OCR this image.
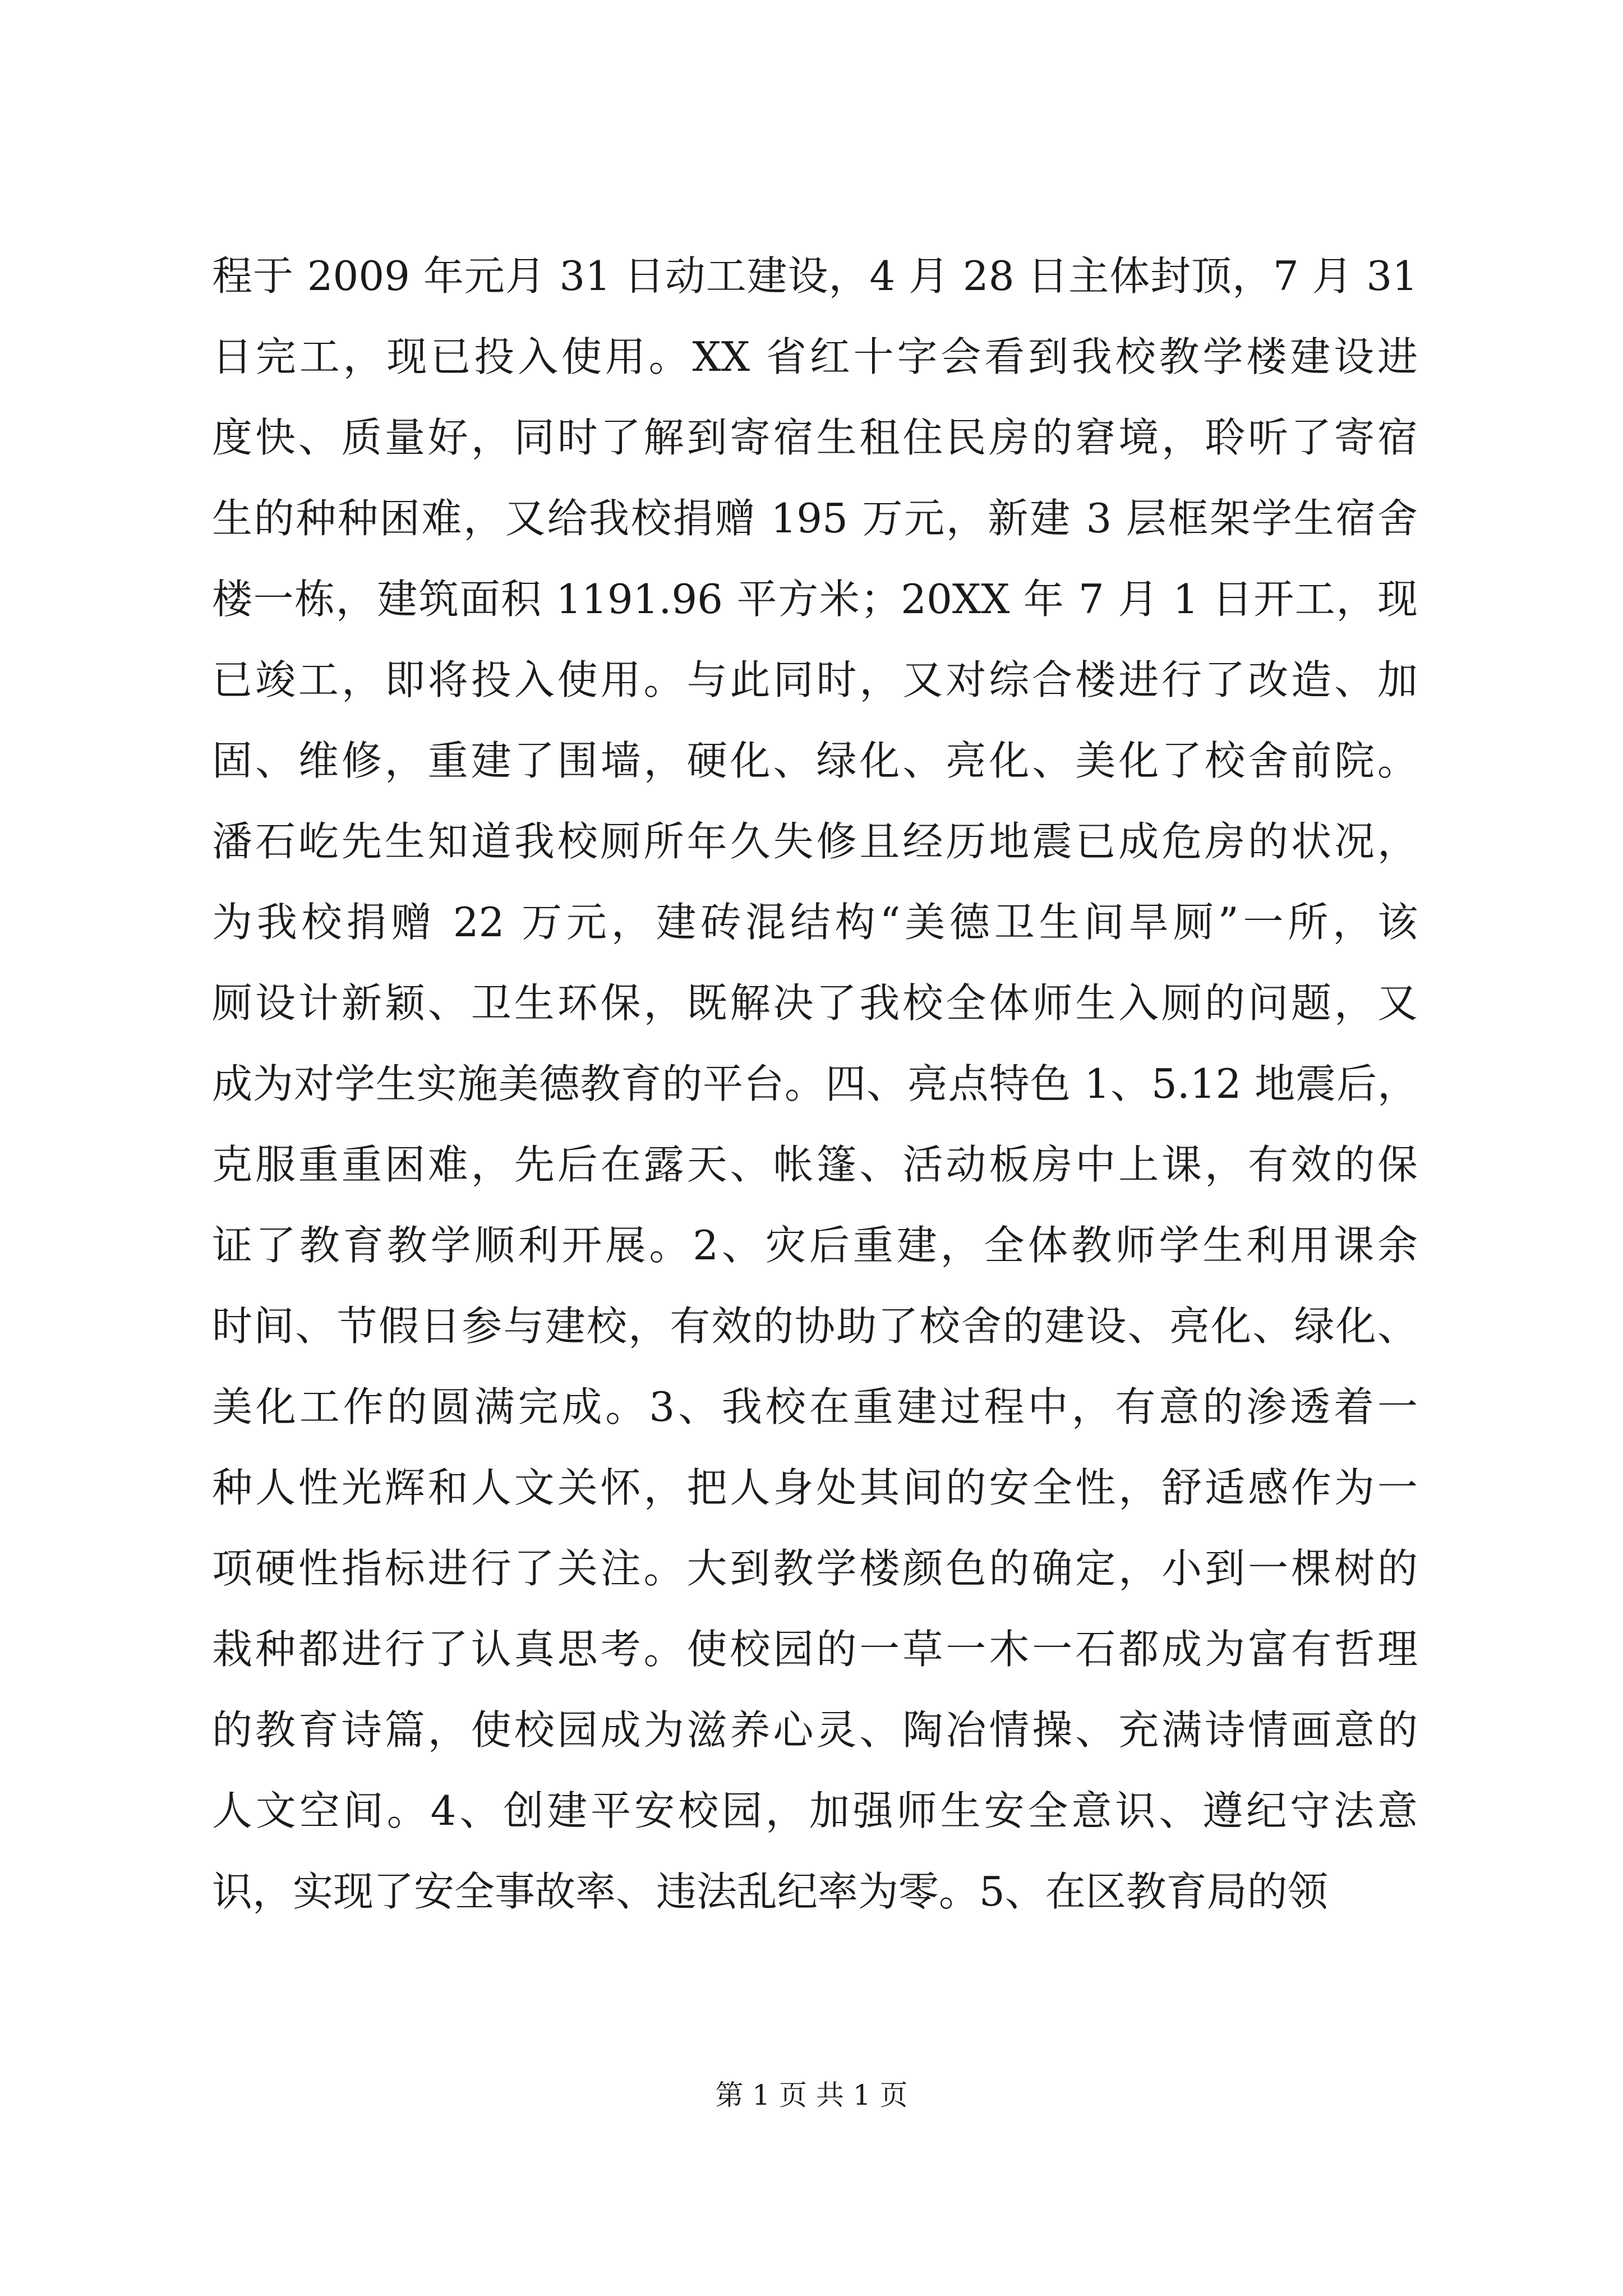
程于 2009 年元月 31 日动工建设，4 月 28 日主体封顶，7 月 31
日完工，现已投入使用。XX 省红十字会看到我校教学楼建设进
度快、质量好，同时了解到寄宿生租住民房的窘境，聆听了寄宿
生的种种困难，又给我校捐赠 195 万元，新建 3 层框架学生宿舍
楼一栋，建筑面积 1191.96 平方米；20XX 年 7 月 1 日开工，现
已竣工，即将投入使用。与此同时，又对综合楼进行了改造、加
固、维修，重建了围墙，硬化、绿化、亮化、美化了校舍前院。
潘石屹先生知道我校厕所年久失修且经历地震已成危房的状况，
为我校捐赠 22 万元，建砖混结构“美德卫生间旱厕”一所，该
厕设计新颖、卫生环保，既解决了我校全体师生入厕的问题，又
成为对学生实施美德教育的平台。四、亮点特色 1、5.12 地震后，
克服重重困难，先后在露天、帐篷、活动板房中上课，有效的保
证了教育教学顺利开展。2、灾后重建，全体教师学生利用课余
时间、节假日参与建校，有效的协助了校舍的建设、亮化、绿化、
美化工作的圆满完成。3、我校在重建过程中，有意的渗透着一
种人性光辉和人文关怀，把人身处其间的安全性，舒适感作为一
项硬性指标进行了关注。大到教学楼颜色的确定，小到一棵树的
栽种都进行了认真思考。使校园的一草一木一石都成为富有哲理
的教育诗篇，使校园成为滋养心灵、陶冶情操、充满诗情画意的
人文空间。4、创建平安校园，加强师生安全意识、遵纪守法意
识，实现了安全事故率、违法乱纪率为零。5、在区教育局的领
第 1 页 共 1 页
